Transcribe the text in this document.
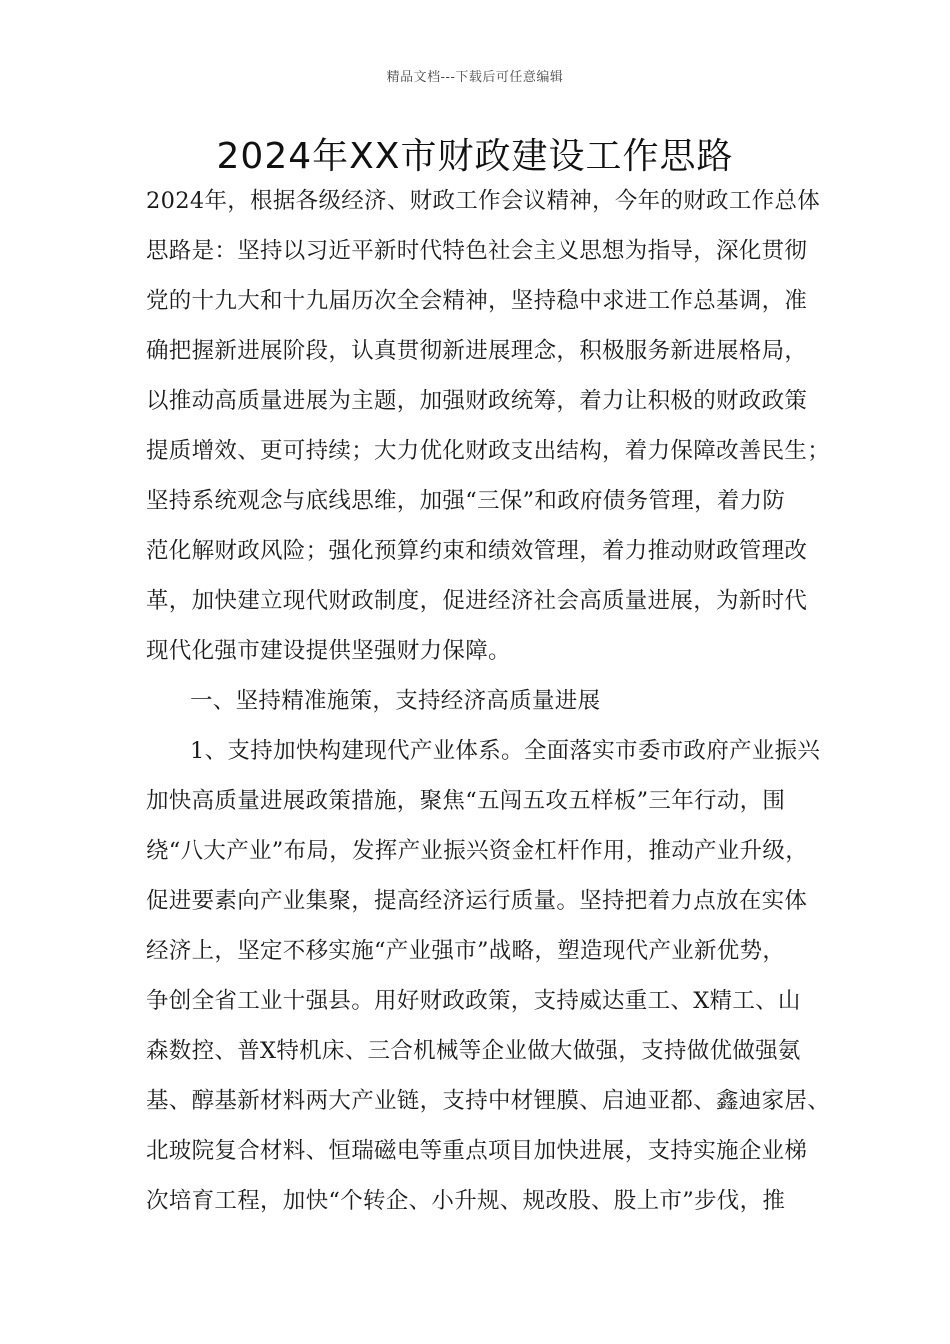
精品文档---下载后可任意编辑
2024年XX市财政建设工作思路
2024年，根据各级经济、财政工作会议精神，今年的财政工作总体
思路是：坚持以习近平新时代特色社会主义思想为指导，深化贯彻
党的十九大和十九届历次全会精神，坚持稳中求进工作总基调，准
确把握新进展阶段，认真贯彻新进展理念，积极服务新进展格局，
以推动高质量进展为主题，加强财政统筹，着力让积极的财政政策
提质增效、更可持续；大力优化财政支出结构，着力保障改善民生；
坚持系统观念与底线思维，加强“三保”和政府债务管理，着力防
范化解财政风险；强化预算约束和绩效管理，着力推动财政管理改
革，加快建立现代财政制度，促进经济社会高质量进展，为新时代
现代化强市建设提供坚强财力保障。
一、坚持精准施策，支持经济高质量进展
1、支持加快构建现代产业体系。全面落实市委市政府产业振兴
加快高质量进展政策措施，聚焦“五闯五攻五样板”三年行动，围
绕“八大产业”布局，发挥产业振兴资金杠杆作用，推动产业升级，
促进要素向产业集聚，提高经济运行质量。坚持把着力点放在实体
经济上，坚定不移实施“产业强市”战略，塑造现代产业新优势，
争创全省工业十强县。用好财政政策，支持威达重工、X精工、山
森数控、普X特机床、三合机械等企业做大做强，支持做优做强氨
基、醇基新材料两大产业链，支持中材锂膜、启迪亚都、鑫迪家居、
北玻院复合材料、恒瑞磁电等重点项目加快进展，支持实施企业梯
次培育工程，加快“个转企、小升规、规改股、股上市”步伐，推
